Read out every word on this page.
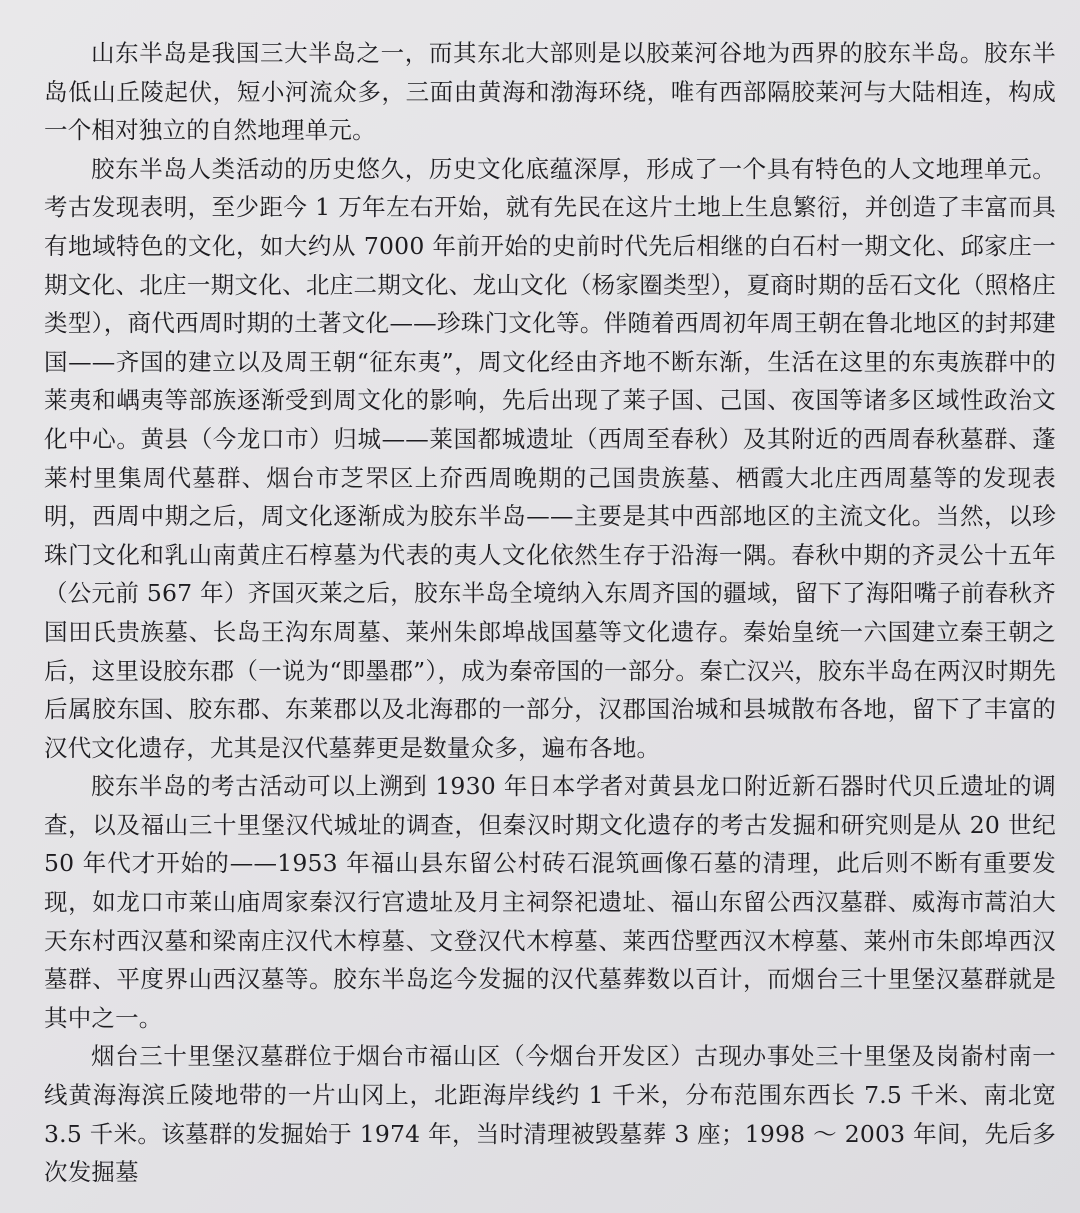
山东半岛是我国三大半岛之一，而其东北大部则是以胶莱河谷地为西界的胶东半岛。胶东半岛低山丘陵起伏，短小河流众多，三面由黄海和渤海环绕，唯有西部隔胶莱河与大陆相连，构成一个相对独立的自然地理单元。

胶东半岛人类活动的历史悠久，历史文化底蕴深厚，形成了一个具有特色的人文地理单元。考古发现表明，至少距今 1 万年左右开始，就有先民在这片土地上生息繁衍，并创造了丰富而具有地域特色的文化，如大约从 7000 年前开始的史前时代先后相继的白石村一期文化、邱家庄一期文化、北庄一期文化、北庄二期文化、龙山文化（杨家圈类型），夏商时期的岳石文化（照格庄类型），商代西周时期的土著文化——珍珠门文化等。伴随着西周初年周王朝在鲁北地区的封邦建国——齐国的建立以及周王朝“征东夷”，周文化经由齐地不断东渐，生活在这里的东夷族群中的莱夷和嵎夷等部族逐渐受到周文化的影响，先后出现了莱子国、己国、夜国等诸多区域性政治文化中心。黄县（今龙口市）归城——莱国都城遗址（西周至春秋）及其附近的西周春秋墓群、蓬莱村里集周代墓群、烟台市芝罘区上夼西周晚期的己国贵族墓、栖霞大北庄西周墓等的发现表明，西周中期之后，周文化逐渐成为胶东半岛——主要是其中西部地区的主流文化。当然，以珍珠门文化和乳山南黄庄石椁墓为代表的夷人文化依然生存于沿海一隅。春秋中期的齐灵公十五年（公元前 567 年）齐国灭莱之后，胶东半岛全境纳入东周齐国的疆域，留下了海阳嘴子前春秋齐国田氏贵族墓、长岛王沟东周墓、莱州朱郎埠战国墓等文化遗存。秦始皇统一六国建立秦王朝之后，这里设胶东郡（一说为“即墨郡”），成为秦帝国的一部分。秦亡汉兴，胶东半岛在两汉时期先后属胶东国、胶东郡、东莱郡以及北海郡的一部分，汉郡国治城和县城散布各地，留下了丰富的汉代文化遗存，尤其是汉代墓葬更是数量众多，遍布各地。

胶东半岛的考古活动可以上溯到 1930 年日本学者对黄县龙口附近新石器时代贝丘遗址的调查，以及福山三十里堡汉代城址的调查，但秦汉时期文化遗存的考古发掘和研究则是从 20 世纪 50 年代才开始的——1953 年福山县东留公村砖石混筑画像石墓的清理，此后则不断有重要发现，如龙口市莱山庙周家秦汉行宫遗址及月主祠祭祀遗址、福山东留公西汉墓群、威海市蒿泊大天东村西汉墓和梁南庄汉代木椁墓、文登汉代木椁墓、莱西岱墅西汉木椁墓、莱州市朱郎埠西汉墓群、平度界山西汉墓等。胶东半岛迄今发掘的汉代墓葬数以百计，而烟台三十里堡汉墓群就是其中之一。

烟台三十里堡汉墓群位于烟台市福山区（今烟台开发区）古现办事处三十里堡及岗嵛村南一线黄海海滨丘陵地带的一片山冈上，北距海岸线约 1 千米，分布范围东西长 7.5 千米、南北宽 3.5 千米。该墓群的发掘始于 1974 年，当时清理被毁墓葬 3 座；1998 ～ 2003 年间，先后多次发掘墓
